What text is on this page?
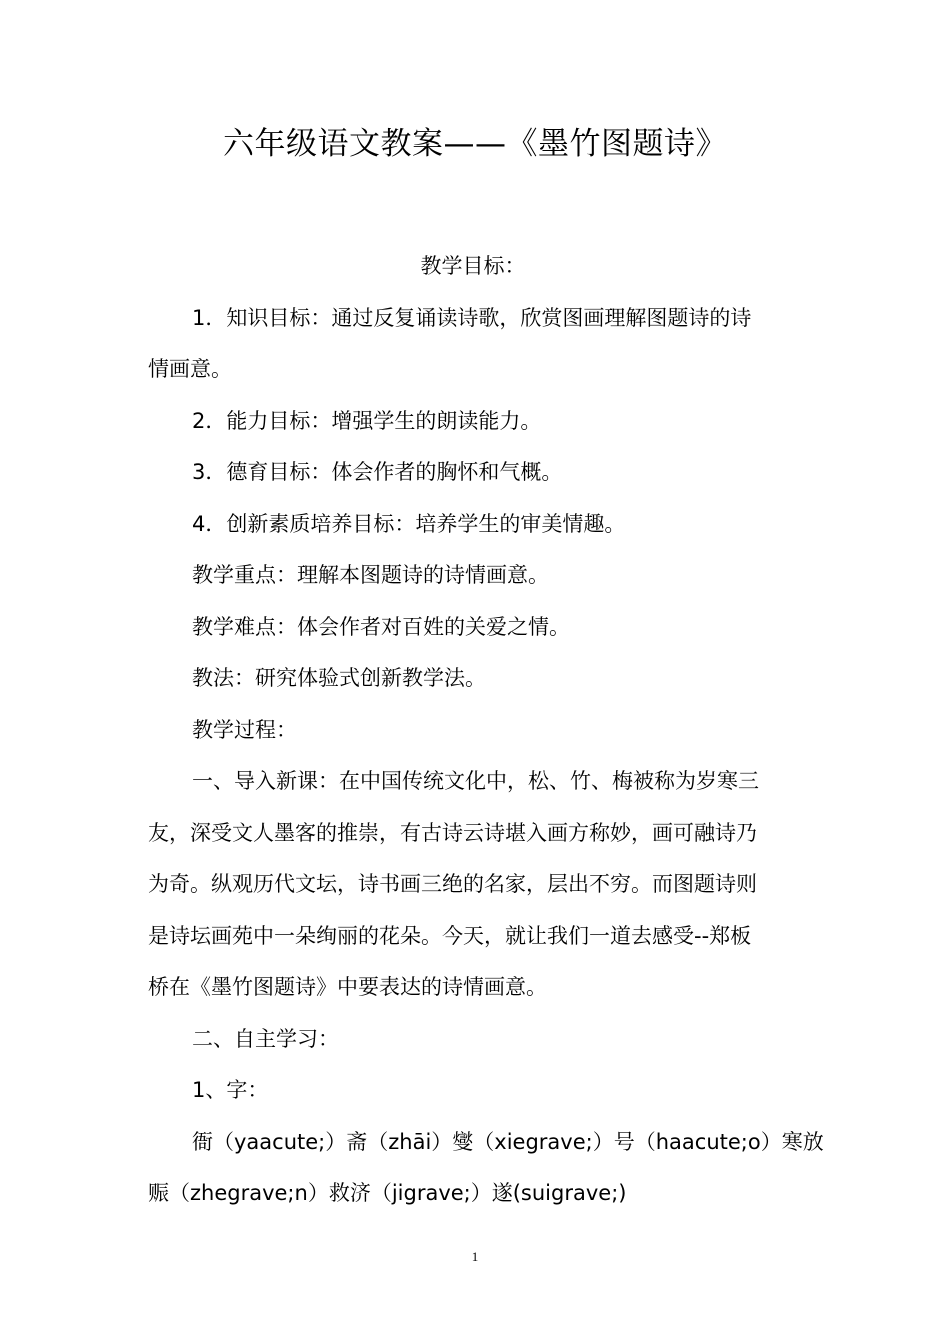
六年级语文教案——《墨竹图题诗》

教学目标：

1．知识目标：通过反复诵读诗歌，欣赏图画理解图题诗的诗

情画意。

2．能力目标：增强学生的朗读能力。

3．德育目标：体会作者的胸怀和气概。

4．创新素质培养目标：培养学生的审美情趣。

教学重点：理解本图题诗的诗情画意。

教学难点：体会作者对百姓的关爱之情。

教法：研究体验式创新教学法。

教学过程：

一、导入新课：在中国传统文化中，松、竹、梅被称为岁寒三

友，深受文人墨客的推崇，有古诗云诗堪入画方称妙，画可融诗乃

为奇。纵观历代文坛，诗书画三绝的名家，层出不穷。而图题诗则

是诗坛画苑中一朵绚丽的花朵。今天，就让我们一道去感受--郑板

桥在《墨竹图题诗》中要表达的诗情画意。

二、自主学习：

1、字：

衙（yaacute;）斋（zhāi）燮（xiegrave;）号（haacute;o）寒放

赈（zhegrave;n）救济（jigrave;）遂(suigrave;)

1
